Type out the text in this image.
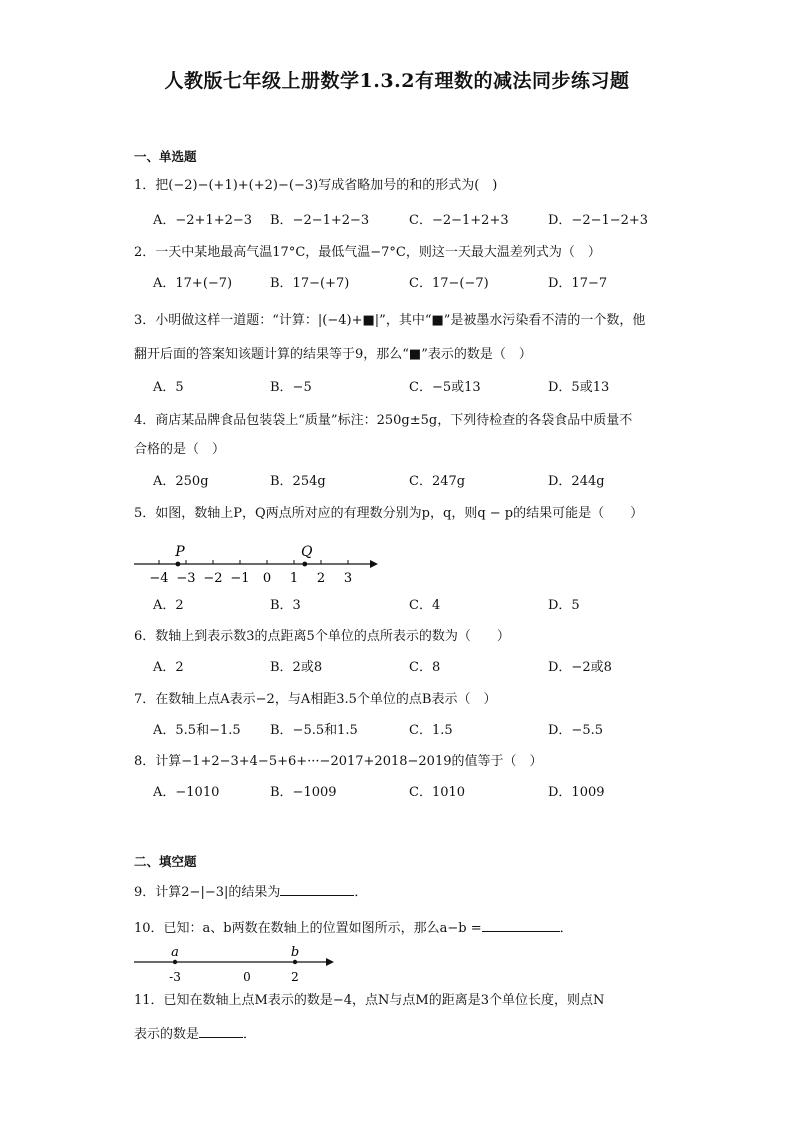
人教版七年级上册数学1.3.2有理数的减法同步练习题
一、单选题
1．把(−2)−(+1)+(+2)−(−3)写成省略加号的和的形式为(　)
A．−2+1+2−3 B．−2−1+2−3	C．−2−1+2+3	D．−2−1−2+3
2．一天中某地最高气温17°C，最低气温−7°C，则这一天最大温差列式为（　）
A．17+(−7)	B．17−(+7)	C．17−(−7)	D．17−7
3．小明做这样一道题：“计算：|(−4)+■|”，其中“■”是被墨水污染看不清的一个数，他
翻开后面的答案知该题计算的结果等于9，那么“■”表示的数是（　）
A．5	B．−5	C．−5或13	D．5或13
4．商店某品牌食品包装袋上“质量”标注：250g±5g，下列待检查的各袋食品中质量不
合格的是（　）
A．250g	B．254g	C．247g	D．244g
5．如图，数轴上P，Q两点所对应的有理数分别为p，q，则q − p的结果可能是（　　）
−4 −3 −2 −1 0 1 2 3
P	Q
A．2	B．3	C．4	D．5
6．数轴上到表示数3的点距离5个单位的点所表示的数为（　　）
A．2	B．2或8	C．8	D．−2或8
7．在数轴上点A表示−2，与A相距3.5个单位的点B表示（　）
A．5.5和−1.5 B．−5.5和1.5	C．1.5	D．−5.5
8．计算−1+2−3+4−5+6+···−2017+2018−2019的值等于（　）
A．−1010	B．−1009	C．1010	D．1009
二、填空题
9．计算2−|−3|的结果为	．
10．已知：a、b两数在数轴上的位置如图所示，那么a−b =	．
-3	0	2
a	b
11．已知在数轴上点M表示的数是−4，点N与点M的距离是3个单位长度，则点N
表示的数是	．
